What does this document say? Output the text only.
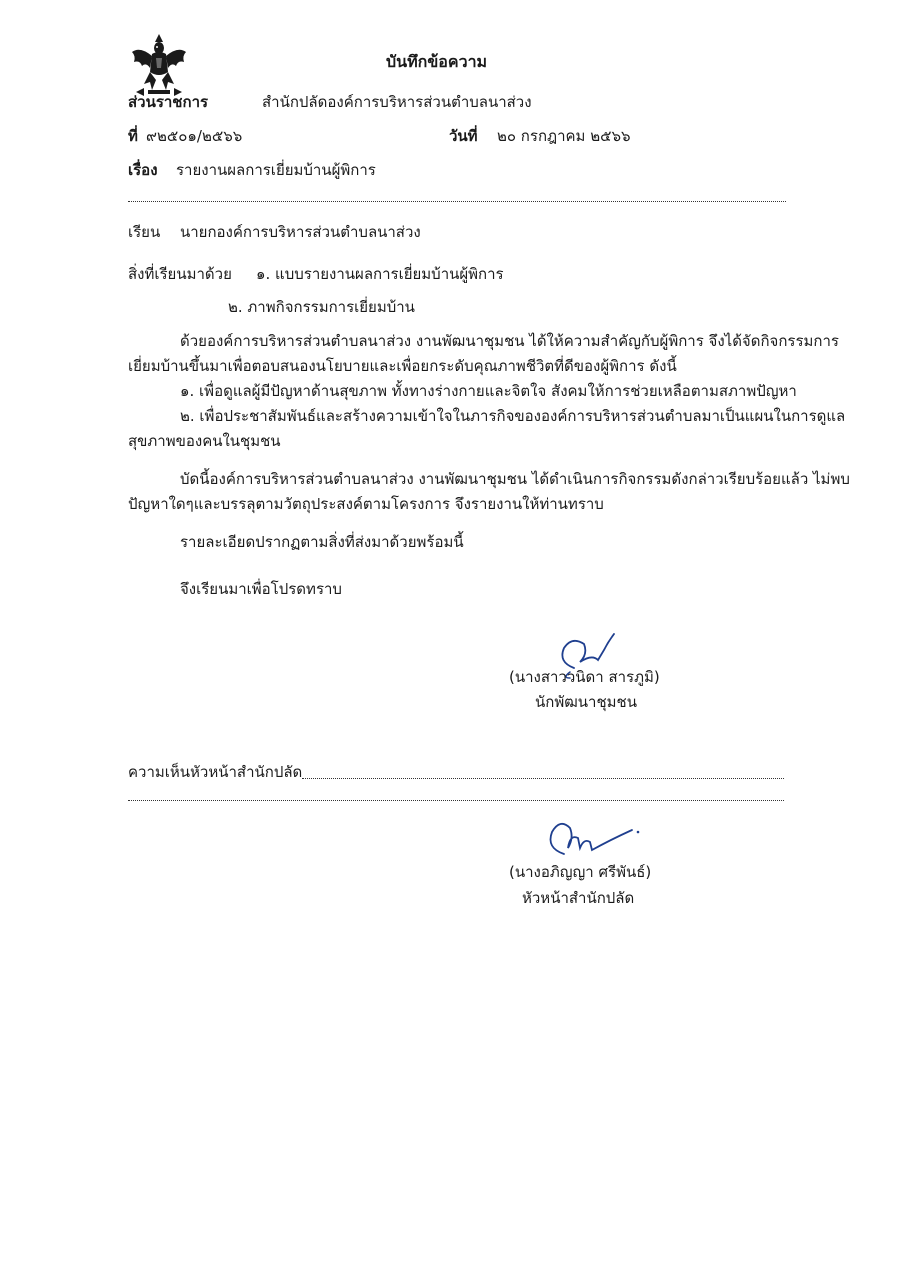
บันทึกข้อความ
ส่วนราชการ	สำนักปลัดองค์การบริหารส่วนตำบลนาส่วง
ที่ ๙๒๕๐๑/๒๕๖๖	วันที่ ๒๐ กรกฎาคม ๒๕๖๖
เรื่อง รายงานผลการเยี่ยมบ้านผู้พิการ
เรียน นายกองค์การบริหารส่วนตำบลนาส่วง
สิ่งที่เรียนมาด้วย ๑. แบบรายงานผลการเยี่ยมบ้านผู้พิการ
๒. ภาพกิจกรรมการเยี่ยมบ้าน
ด้วยองค์การบริหารส่วนตำบลนาส่วง งานพัฒนาชุมชน ได้ให้ความสำคัญกับผู้พิการ จึงได้จัดกิจกรรมการ
เยี่ยมบ้านขึ้นมาเพื่อตอบสนองนโยบายและเพื่อยกระดับคุณภาพชีวิตที่ดีของผู้พิการ ดังนี้
๑. เพื่อดูแลผู้มีปัญหาด้านสุขภาพ ทั้งทางร่างกายและจิตใจ สังคมให้การช่วยเหลือตามสภาพปัญหา
๒. เพื่อประชาสัมพันธ์และสร้างความเข้าใจในภารกิจขององค์การบริหารส่วนตำบลมาเป็นแผนในการดูแล
สุขภาพของคนในชุมชน
บัดนี้องค์การบริหารส่วนตำบลนาส่วง งานพัฒนาชุมชน ได้ดำเนินการกิจกรรมดังกล่าวเรียบร้อยแล้ว ไม่พบ
ปัญหาใดๆและบรรลุตามวัตถุประสงค์ตามโครงการ จึงรายงานให้ท่านทราบ
รายละเอียดปรากฏตามสิ่งที่ส่งมาด้วยพร้อมนี้
จึงเรียนมาเพื่อโปรดทราบ
(นางสาววนิดา สารภูมิ)
นักพัฒนาชุมชน
ความเห็นหัวหน้าสำนักปลัด
(นางอภิญญา ศรีพันธ์)
หัวหน้าสำนักปลัด
